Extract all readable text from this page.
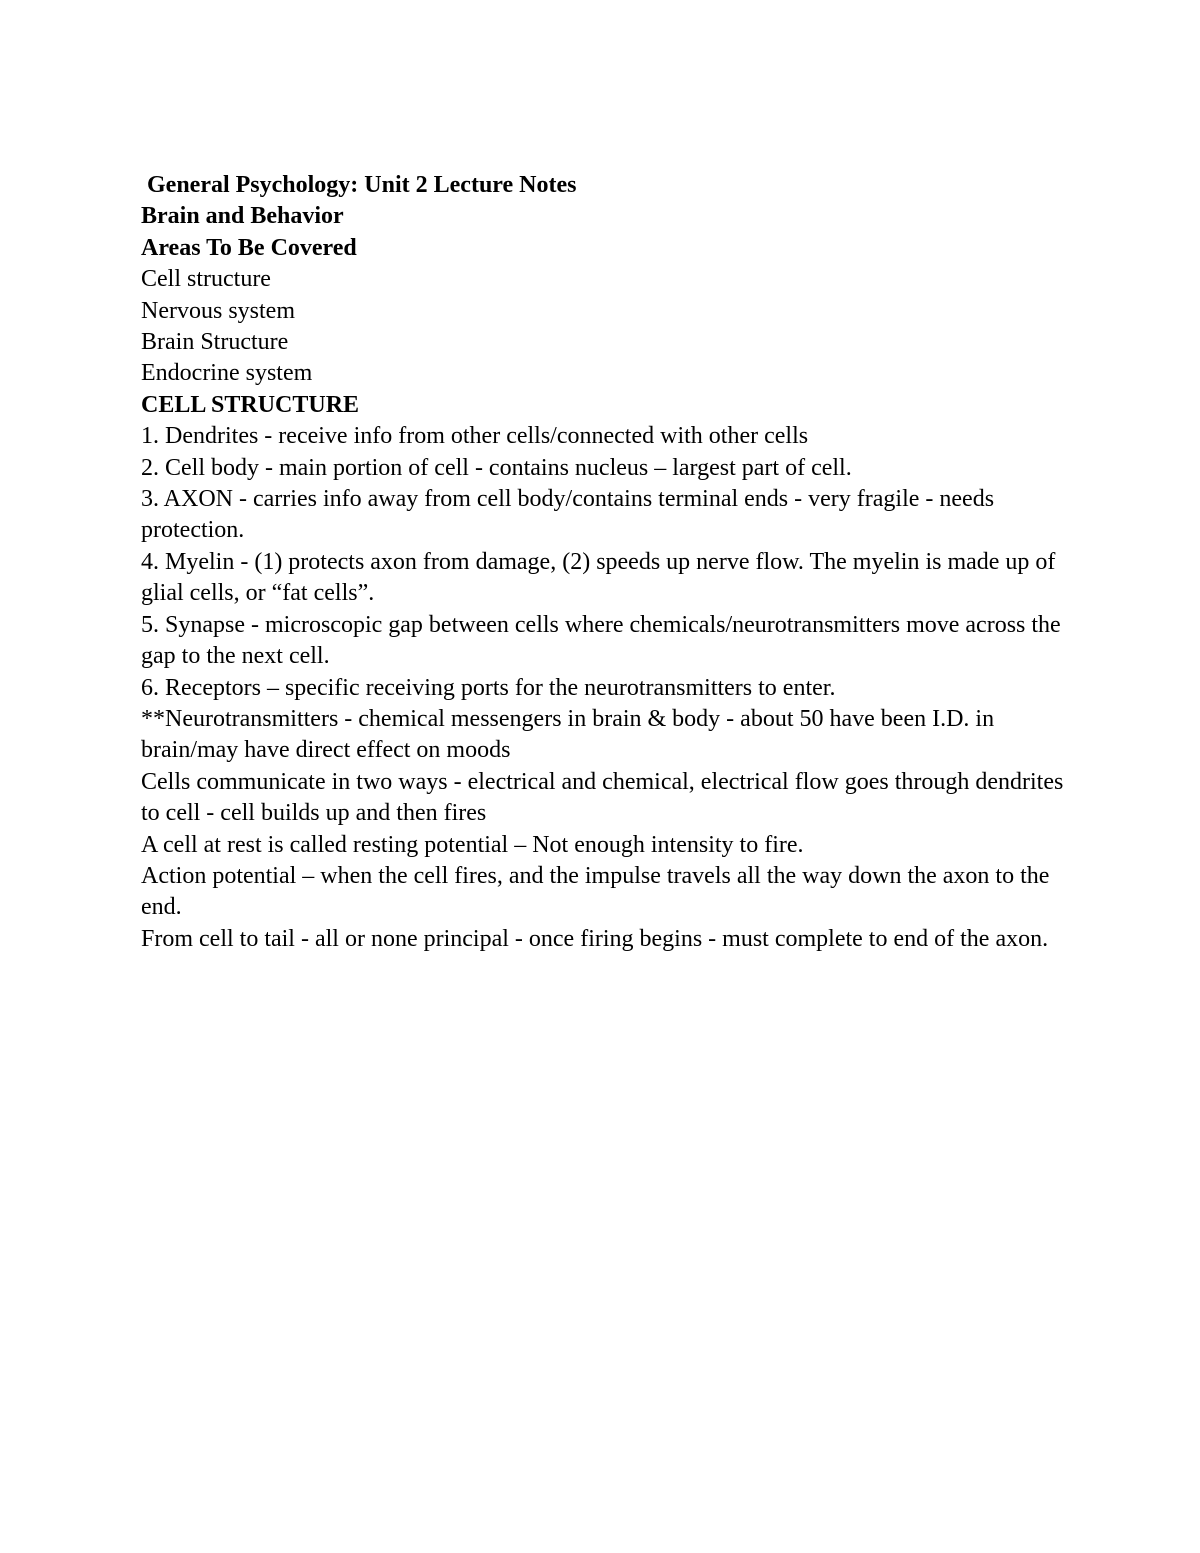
General Psychology: Unit 2 Lecture Notes

Brain and Behavior

Areas To Be Covered

Cell structure

Nervous system

Brain Structure

Endocrine system

CELL STRUCTURE

1. Dendrites - receive info from other cells/connected with other cells

2. Cell body - main portion of cell - contains nucleus – largest part of cell.

3. AXON - carries info away from cell body/contains terminal ends - very fragile - needs protection.

4. Myelin - (1) protects axon from damage, (2) speeds up nerve flow. The myelin is made up of glial cells, or “fat cells”.

5. Synapse - microscopic gap between cells where chemicals/neurotransmitters move across the gap to the next cell.

6. Receptors – specific receiving ports for the neurotransmitters to enter.

**Neurotransmitters - chemical messengers in brain & body - about 50 have been I.D. in brain/may have direct effect on moods

Cells communicate in two ways - electrical and chemical, electrical flow goes through dendrites to cell - cell builds up and then fires

A cell at rest is called resting potential – Not enough intensity to fire.

Action potential – when the cell fires, and the impulse travels all the way down the axon to the end.

From cell to tail - all or none principal - once firing begins - must complete to end of the axon.
